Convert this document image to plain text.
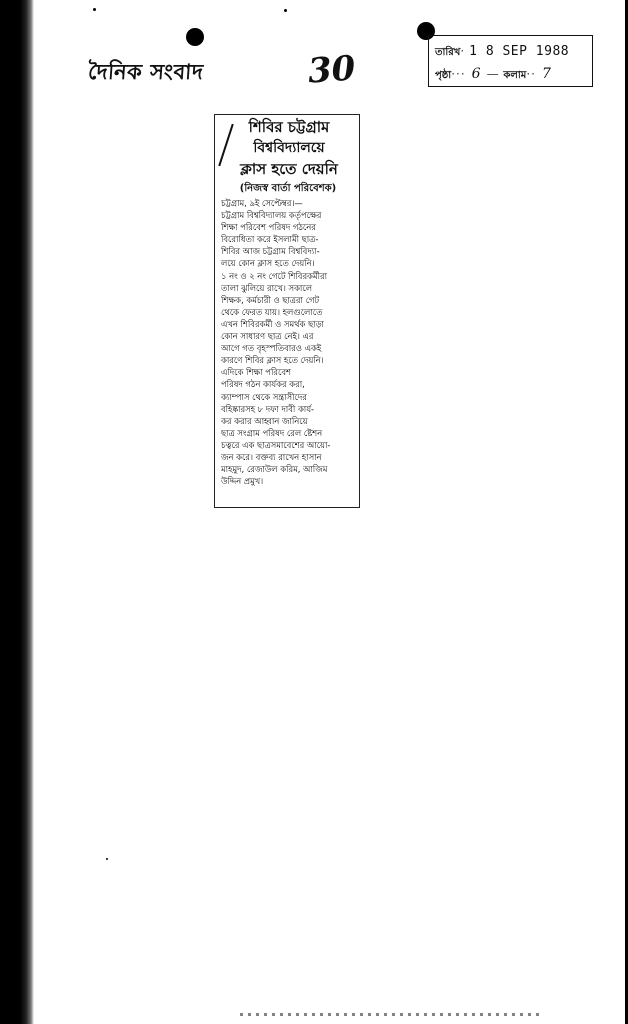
দৈনিক সংবাদ	30	তারিখ· 1 8 SEP 1988
পৃষ্ঠা··· 6 — কলাম·· 7
শিবির চট্টগ্রাম
বিশ্ববিদ্যালয়ে
ক্লাস হতে দেয়নি
(নিজস্ব বার্তা পরিবেশক)
চট্টগ্রাম, ৯ই সেপ্টেম্বর।—
চট্টগ্রাম বিশ্ববিদ্যালয় কর্তৃপক্ষের
শিক্ষা পরিবেশ পরিষদ গঠনের
বিরোধিতা করে ইসলামী ছাত্র-
শিবির আজ চট্টগ্রাম বিশ্ববিদ্যা-
লয়ে কোন ক্লাস হতে দেয়নি।
১ নং ও ২ নং গেটে শিবিরকর্মীরা
তালা ঝুলিয়ে রাখে। সকালে
শিক্ষক, কর্মচারী ও ছাত্ররা গেট
থেকে ফেরত যায়। হলগুলোতে
এখন শিবিরকর্মী ও সমর্থক ছাড়া
কোন সাধারণ ছাত্র নেই। এর
আগে গত বৃহস্পতিবারও একই
কারণে শিবির ক্লাস হতে দেয়নি।
এদিকে শিক্ষা পরিবেশ
পরিষদ গঠন কার্যকর করা,
ক্যাম্পাস থেকে সন্ত্রাসীদের
বহিষ্কারসহ ৮ দফা দাবী কার্য-
কর করার আহ্বান জানিয়ে
ছাত্র সংগ্রাম পরিষদ রেল ষ্টেশন
চত্বরে এক ছাত্রসমাবেশের আয়ো-
জন করে। বক্তব্য রাখেন হাসান
মাহমুদ, রেজাউল করিম, আজিম
উদ্দিন প্রমুখ।
